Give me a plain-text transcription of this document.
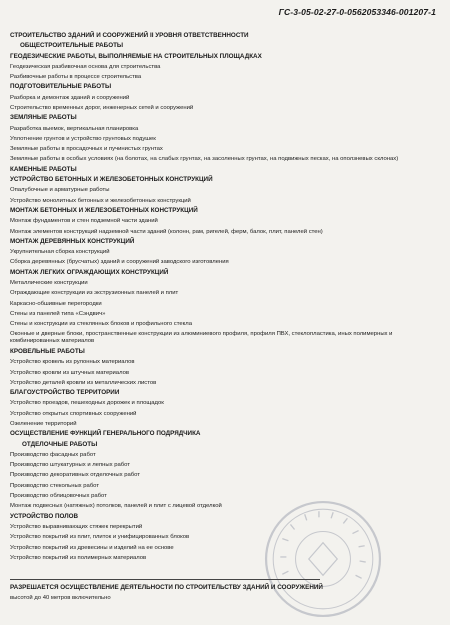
ГС-3-05-02-27-0-0562053346-001207-1
СТРОИТЕЛЬСТВО ЗДАНИЙ И СООРУЖЕНИЙ II УРОВНЯ ОТВЕТСТВЕННОСТИ
ОБЩЕСТРОИТЕЛЬНЫЕ РАБОТЫ
ГЕОДЕЗИЧЕСКИЕ РАБОТЫ, ВЫПОЛНЯЕМЫЕ НА СТРОИТЕЛЬНЫХ ПЛОЩАДКАХ
Геодезическая разбивочная основа для строительства
Разбивочные работы в процессе строительства
ПОДГОТОВИТЕЛЬНЫЕ РАБОТЫ
Разборка и демонтаж зданий и сооружений
Строительство временных дорог, инженерных сетей и сооружений
ЗЕМЛЯНЫЕ РАБОТЫ
Разработка выемок, вертикальная планировка
Уплотнение грунтов и устройство грунтовых подушек
Земляные работы в просадочных и пучинистых грунтах
Земляные работы в особых условиях (на болотах, на слабых грунтах, на засоленных грунтах, на подвижных песках, на оползневых склонах)
КАМЕННЫЕ РАБОТЫ
УСТРОЙСТВО БЕТОННЫХ И ЖЕЛЕЗОБЕТОННЫХ КОНСТРУКЦИЙ
Опалубочные и арматурные работы
Устройство монолитных бетонных и железобетонных конструкций
МОНТАЖ БЕТОННЫХ И ЖЕЛЕЗОБЕТОННЫХ КОНСТРУКЦИЙ
Монтаж фундаментов и стен подземной части зданий
Монтаж элементов конструкций надземной части зданий (колонн, рам, ригелей, ферм, балок, плит, панелей стен)
МОНТАЖ ДЕРЕВЯННЫХ КОНСТРУКЦИЙ
Укрупнительная сборка конструкций
Сборка деревянных (брусчатых) зданий и сооружений заводского изготовления
МОНТАЖ ЛЕГКИХ ОГРАЖДАЮЩИХ КОНСТРУКЦИЙ
Металлические конструкции
Ограждающие конструкции из экструзионных панелей и плит
Каркасно-обшивные перегородки
Стены из панелей типа «Сэндвич»
Стены и конструкции из стеклянных блоков и профильного стекла
Оконные и дверные блоки, пространственные конструкции из алюминиевого профиля, профиля ПВХ, стеклопластика, иных полимерных и комбинированных материалов
КРОВЕЛЬНЫЕ РАБОТЫ
Устройство кровель из рулонных материалов
Устройство кровли из штучных материалов
Устройство деталей кровли из металлических листов
БЛАГОУСТРОЙСТВО ТЕРРИТОРИИ
Устройство проездов, пешеходных дорожек и площадок
Устройство открытых спортивных сооружений
Озеленение территорий
ОСУЩЕСТВЛЕНИЕ ФУНКЦИЙ ГЕНЕРАЛЬНОГО ПОДРЯДЧИКА
ОТДЕЛОЧНЫЕ РАБОТЫ
Производство фасадных работ
Производство штукатурных и лепных работ
Производство декоративных отделочных работ
Производство стекольных работ
Производство облицовочных работ
Монтаж подвесных (натяжных) потолков, панелей и плит с лицевой отделкой
УСТРОЙСТВО ПОЛОВ
Устройство выравнивающих стяжек перекрытий
Устройство покрытий из плит, плиток и унифицированных блоков
Устройство покрытий из древесины и изделий на ее основе
Устройство покрытий из полимерных материалов
РАЗРЕШАЕТСЯ ОСУЩЕСТВЛЕНИЕ ДЕЯТЕЛЬНОСТИ ПО СТРОИТЕЛЬСТВУ ЗДАНИЙ И СООРУЖЕНИЙ
высотой до 40 метров включительно
